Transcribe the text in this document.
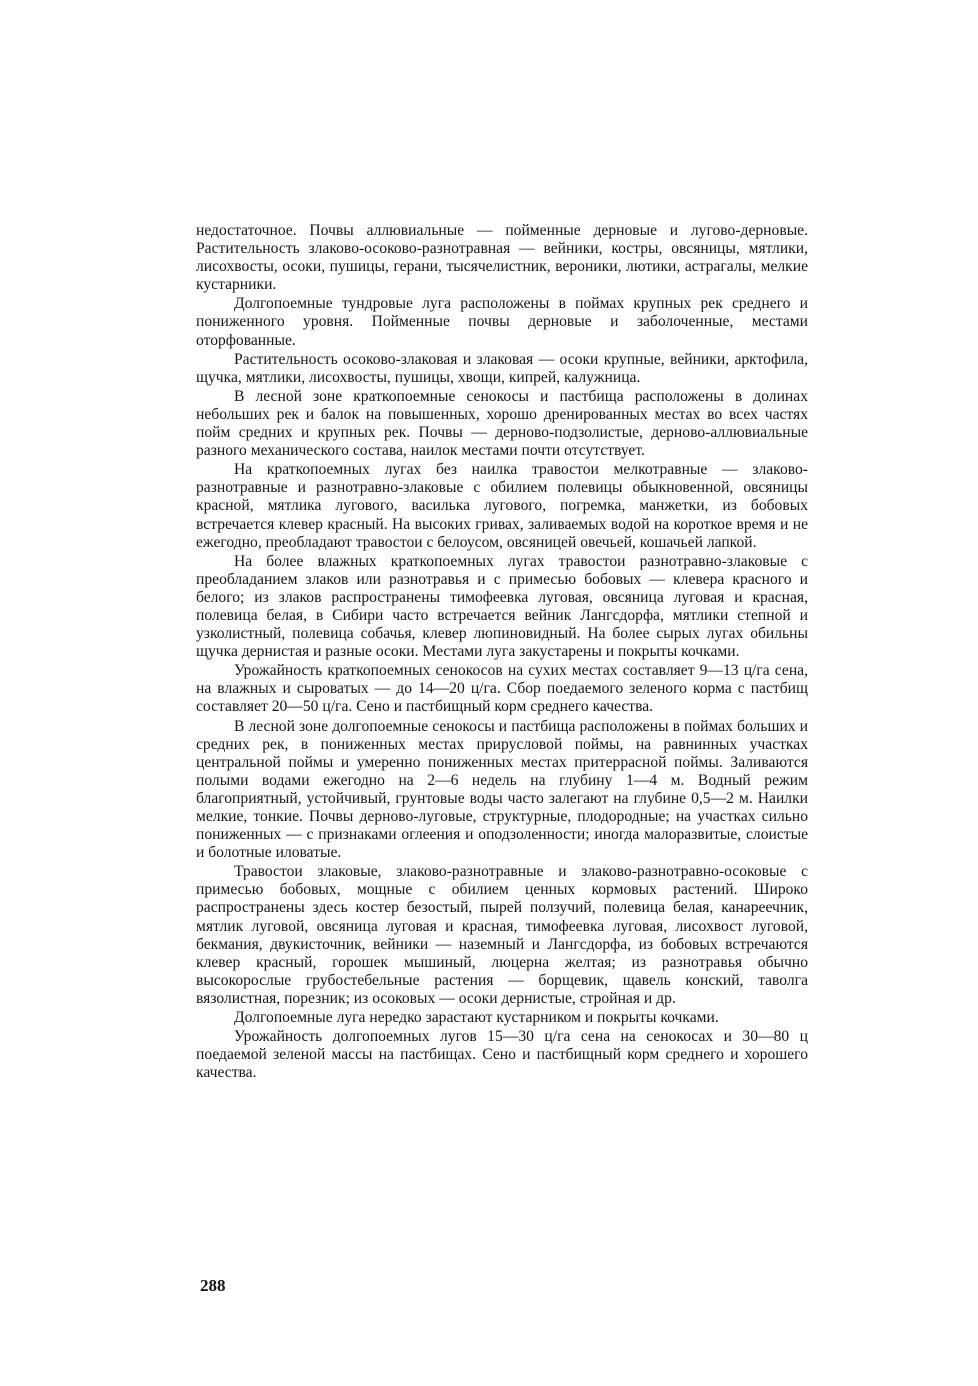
недостаточное. Почвы аллювиальные — пойменные дерновые и лугово-дерновые. Растительность злаково-осоково-разнотравная — вейники, костры, овсяницы, мятлики, лисохвосты, осоки, пушицы, герани, тысячелистник, вероники, лютики, астрагалы, мелкие кустарники.

Долгопоемные тундровые луга расположены в поймах крупных рек среднего и пониженного уровня. Пойменные почвы дерновые и заболоченные, местами оторфованные.

Растительность осоково-злаковая и злаковая — осоки крупные, вейники, арктофила, щучка, мятлики, лисохвосты, пушицы, хвощи, кипрей, калужница.

В лесной зоне краткопоемные сенокосы и пастбища расположены в долинах небольших рек и балок на повышенных, хорошо дренированных местах во всех частях пойм средних и крупных рек. Почвы — дерново-подзолистые, дерново-аллювиальные разного механического состава, наилок местами почти отсутствует.

На краткопоемных лугах без наилка травостои мелкотравные — злаково-разнотравные и разнотравно-злаковые с обилием полевицы обыкновенной, овсяницы красной, мятлика лугового, василька лугового, погремка, манжетки, из бобовых встречается клевер красный. На высоких гривах, заливаемых водой на короткое время и не ежегодно, преобладают травостои с белоусом, овсяницей овечьей, кошачьей лапкой.

На более влажных краткопоемных лугах травостои разнотравно-злаковые с преобладанием злаков или разнотравья и с примесью бобовых — клевера красного и белого; из злаков распространены тимофеевка луговая, овсяница луговая и красная, полевица белая, в Сибири часто встречается вейник Лангсдорфа, мятлики степной и узколистный, полевица собачья, клевер люпиновидный. На более сырых лугах обильны щучка дернистая и разные осоки. Местами луга закустарены и покрыты кочками.

Урожайность краткопоемных сенокосов на сухих местах составляет 9—13 ц/га сена, на влажных и сыроватых — до 14—20 ц/га. Сбор поедаемого зеленого корма с пастбищ составляет 20—50 ц/га. Сено и пастбищный корм среднего качества.

В лесной зоне долгопоемные сенокосы и пастбища расположены в поймах больших и средних рек, в пониженных местах прирусловой поймы, на равнинных участках центральной поймы и умеренно пониженных местах притеррасной поймы. Заливаются полыми водами ежегодно на 2—6 недель на глубину 1—4 м. Водный режим благоприятный, устойчивый, грунтовые воды часто залегают на глубине 0,5—2 м. Наилки мелкие, тонкие. Почвы дерново-луговые, структурные, плодородные; на участках сильно пониженных — с признаками оглеения и оподзоленности; иногда малоразвитые, слоистые и болотные иловатые.

Травостои злаковые, злаково-разнотравные и злаково-разнотравно-осоковые с примесью бобовых, мощные с обилием ценных кормовых растений. Широко распространены здесь костер безостый, пырей ползучий, полевица белая, канареечник, мятлик луговой, овсяница луговая и красная, тимофеевка луговая, лисохвост луговой, бекмания, двукисточник, вейники — наземный и Лангсдорфа, из бобовых встречаются клевер красный, горошек мышиный, люцерна желтая; из разнотравья обычно высокорослые грубостебельные растения — борщевик, щавель конский, таволга вязолистная, порезник; из осоковых — осоки дернистые, стройная и др.

Долгопоемные луга нередко зарастают кустарником и покрыты кочками.

Урожайность долгопоемных лугов 15—30 ц/га сена на сенокосах и 30—80 ц поедаемой зеленой массы на пастбищах. Сено и пастбищный корм среднего и хорошего качества.

288
